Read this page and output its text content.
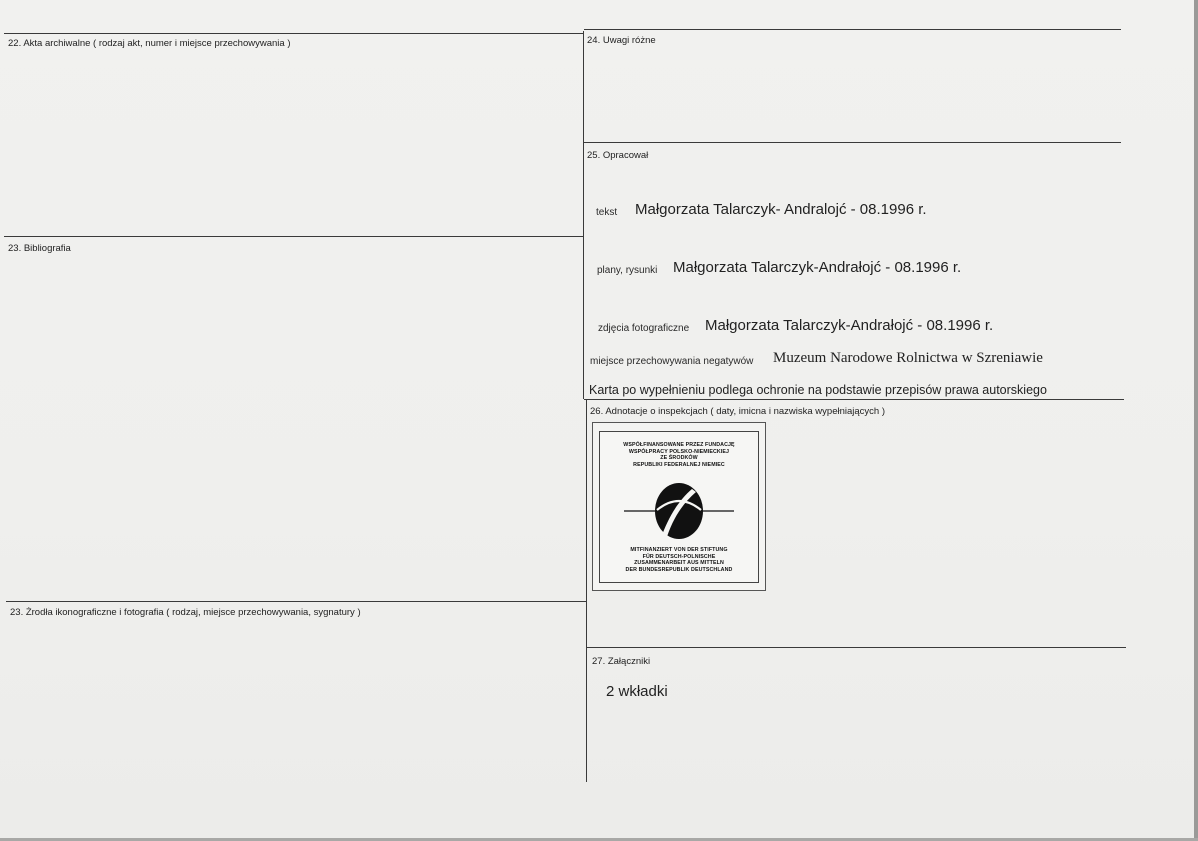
22. Akta archiwalne ( rodzaj akt, numer i miejsce przechowywania )
23. Bibliografia
23. Żrodła ikonograficzne i fotografia ( rodzaj, miejsce przechowywania, sygnatury )
24. Uwagi różne
25. Opracował
tekst Małgorzata Talarczyk- Andralojć - 08.1996 r.
plany, rysunki Małgorzata Talarczyk-Andrałojć - 08.1996 r.
zdjęcia fotograficzne Małgorzata Talarczyk-Andrałojć - 08.1996 r.
miejsce przechowywania negatywów Muzeum Narodowe Rolnictwa w Szreniawie
Karta po wypełnieniu podlega ochronie na podstawie przepisów prawa autorskiego
26. Adnotacje o inspekcjach ( daty, imicna i nazwiska wypełniających )
27. Załączniki
2 wkładki
WSPÓŁFINANSOWANE PRZEZ FUNDACJĘ
WSPÓŁPRACY POLSKO-NIEMIECKIEJ
ZE ŚRODKÓW
REPUBLIKI FEDERALNEJ NIEMIEC
MITFINANZIERT VON DER STIFTUNG
FÜR DEUTSCH-POLNISCHE
ZUSAMMENARBEIT AUS MITTELN
DER BUNDESREPUBLIK DEUTSCHLAND
